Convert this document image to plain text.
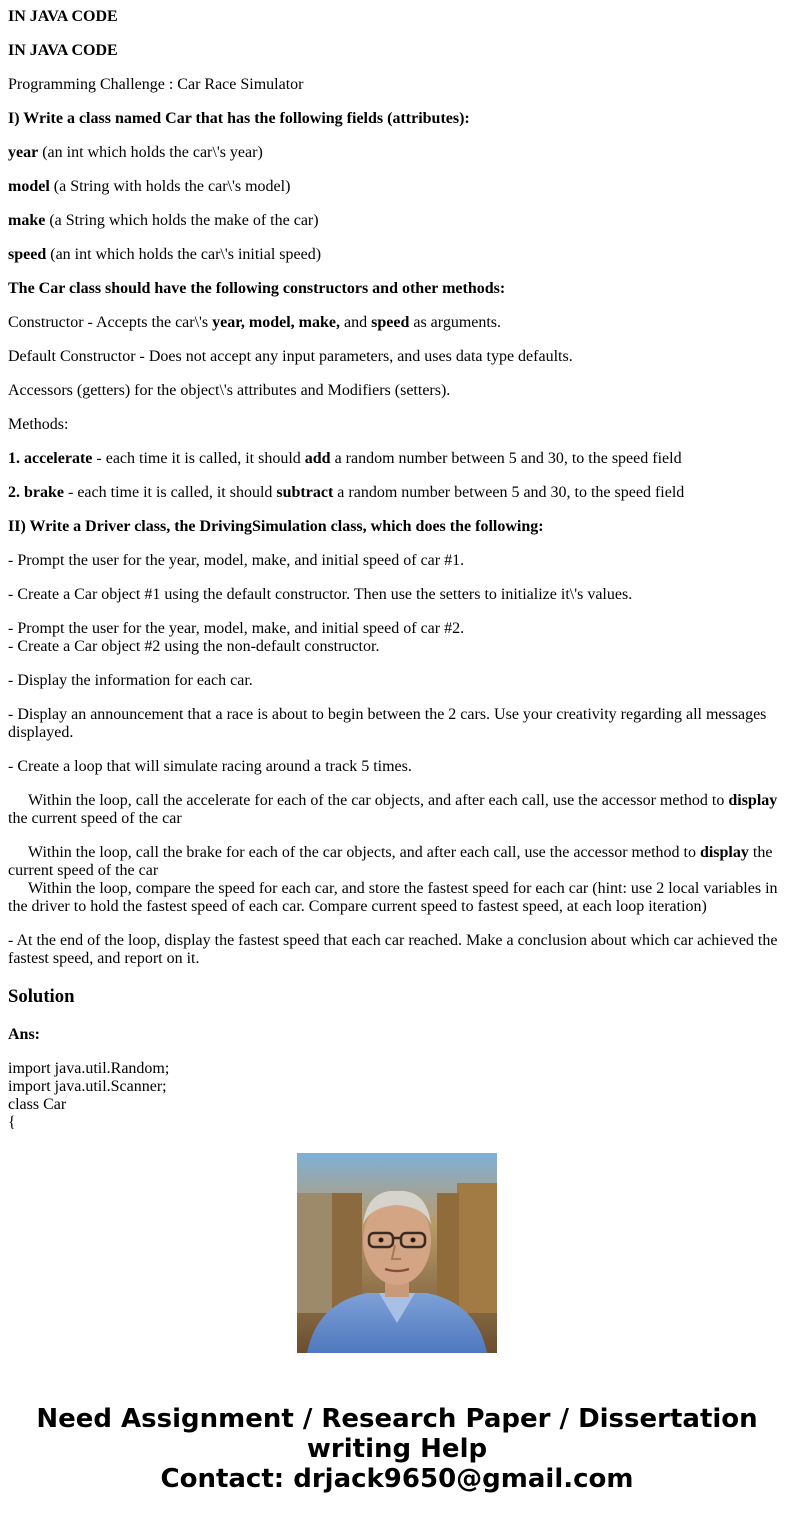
IN JAVA CODE

IN JAVA CODE

Programming Challenge : Car Race Simulator

I) Write a class named Car that has the following fields (attributes):

year (an int which holds the car\'s year)

model (a String with holds the car\'s model)

make (a String which holds the make of the car)

speed (an int which holds the car\'s initial speed)

The Car class should have the following constructors and other methods:

Constructor - Accepts the car\'s year, model, make, and speed as arguments.

Default Constructor - Does not accept any input parameters, and uses data type defaults.

Accessors (getters) for the object\'s attributes and Modifiers (setters).

Methods:

1. accelerate - each time it is called, it should add a random number between 5 and 30, to the speed field

2. brake - each time it is called, it should subtract a random number between 5 and 30, to the speed field

II) Write a Driver class, the DrivingSimulation class, which does the following:

- Prompt the user for the year, model, make, and initial speed of car #1.

- Create a Car object #1 using the default constructor. Then use the setters to initialize it\'s values.

- Prompt the user for the year, model, make, and initial speed of car #2.
- Create a Car object #2 using the non-default constructor.

- Display the information for each car.

- Display an announcement that a race is about to begin between the 2 cars. Use your creativity regarding all messages displayed.

- Create a loop that will simulate racing around a track 5 times.

Within the loop, call the accelerate for each of the car objects, and after each call, use the accessor method to display the current speed of the car

Within the loop, call the brake for each of the car objects, and after each call, use the accessor method to display the current speed of the car
Within the loop, compare the speed for each car, and store the fastest speed for each car (hint: use 2 local variables in the driver to hold the fastest speed of each car. Compare current speed to fastest speed, at each loop iteration)

- At the end of the loop, display the fastest speed that each car reached. Make a conclusion about which car achieved the fastest speed, and report on it.

Solution

Ans:

import java.util.Random;
import java.util.Scanner;
class Car
{
Need Assignment / Research Paper / Dissertation
writing Help
Contact: drjack9650@gmail.com
